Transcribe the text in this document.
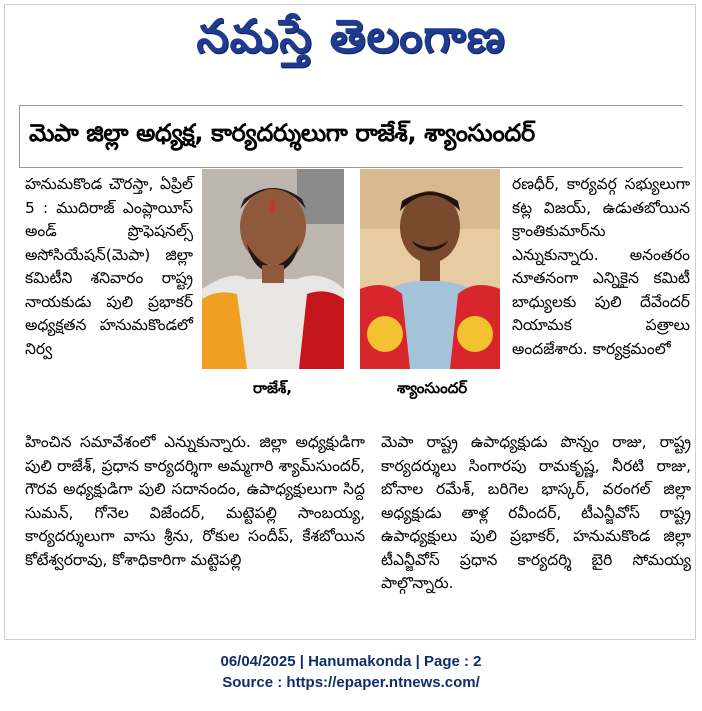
నమస్తే తెలంగాణ
మెపా జిల్లా అధ్యక్ష, కార్యదర్శులుగా రాజేశ్‌, శ్యాంసుందర్‌
హనుమకొండ చౌరస్తా, ఏప్రిల్‌ 5 : ముదిరాజ్‌ ఎంప్లాయీస్‌ అండ్‌ ప్రొఫెషనల్స్‌ అసోసియేషన్‌(మెపా) జిల్లా కమిటీని శనివారం రాష్ట్ర నాయకుడు పులి ప్రభాకర్‌ అధ్యక్షతన హనుమకొండలో నిర్వ
రాజేశ్‌,	శ్యాంసుందర్‌
రణధీర్‌, కార్యవర్గ సభ్యులుగా కట్ల విజయ్‌, ఉడుతబోయిన క్రాంతికుమార్‌ను ఎన్నుకున్నారు. అనంతరం నూతనంగా ఎన్నికైన కమిటీ బాధ్యులకు పులి దేవేందర్‌ నియామక పత్రాలు అందజేశారు. కార్యక్రమంలో
హించిన సమావేశంలో ఎన్నుకున్నారు. జిల్లా అధ్యక్షుడిగా పులి రాజేశ్‌, ప్రధాన కార్యదర్శిగా అమ్మగారి శ్యామ్‌సుందర్‌, గౌరవ అధ్యక్షుడిగా పులి సదానందం, ఉపాధ్యక్షులుగా సిద్ద సుమన్‌, గోనెల విజేందర్‌, మట్టెపల్లి సాంబయ్య, కార్యదర్శులుగా వాసు శ్రీను, రోకుల సందీప్‌, కేశబోయిన కోటేశ్వరరావు, కోశాధికారిగా మట్టెపల్లి
మెపా రాష్ట్ర ఉపాధ్యక్షుడు పొన్నం రాజు, రాష్ట్ర కార్యదర్శులు సింగారపు రామకృష్ణ, నీరటి రాజు, బోనాల రమేశ్‌, బరిగెల భాస్కర్‌, వరంగల్‌ జిల్లా అధ్యక్షుడు తాళ్ల రవీందర్‌, టీఎన్జీవోస్‌ రాష్ట్ర ఉపాధ్యక్షులు పులి ప్రభాకర్‌, హనుమకొండ జిల్లా టీఎన్జీవోస్‌ ప్రధాన కార్యదర్శి బైరి సోమయ్య పాల్గొన్నారు.
06/04/2025 | Hanumakonda | Page : 2
Source : https://epaper.ntnews.com/
